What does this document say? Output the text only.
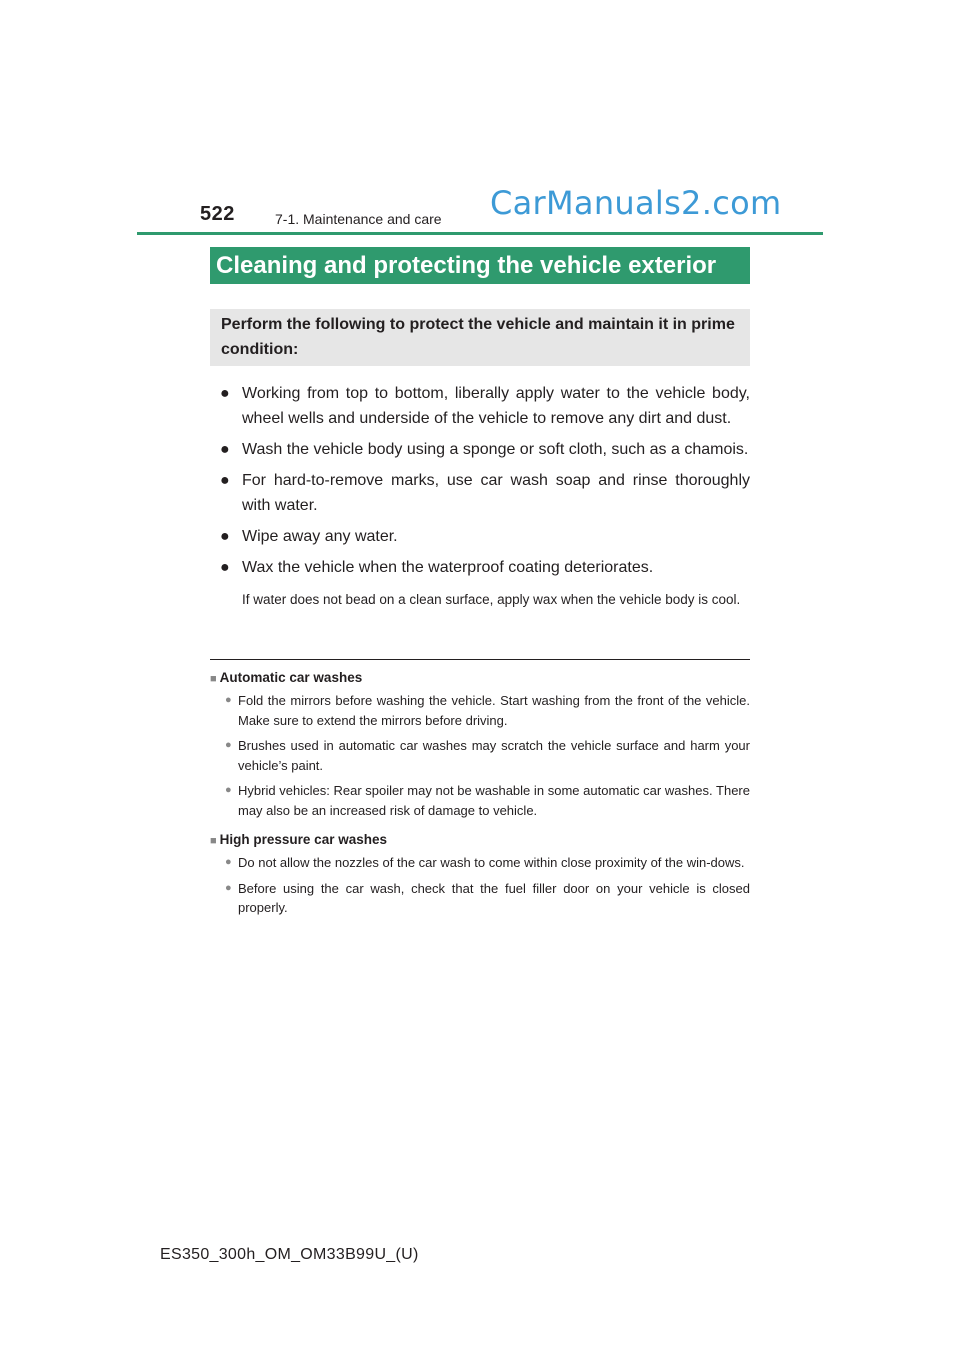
522	7-1. Maintenance and care CarManuals2.com
Cleaning and protecting the vehicle exterior
Perform the following to protect the vehicle and maintain it in prime condition:
● Working from top to bottom, liberally apply water to the vehicle body, wheel wells and underside of the vehicle to remove any dirt and dust.
● Wash the vehicle body using a sponge or soft cloth, such as a chamois.
● For hard-to-remove marks, use car wash soap and rinse thoroughly with water.
● Wipe away any water.
● Wax the vehicle when the waterproof coating deteriorates.
If water does not bead on a clean surface, apply wax when the vehicle body is cool.
■ Automatic car washes
● Fold the mirrors before washing the vehicle. Start washing from the front of the vehicle. Make sure to extend the mirrors before driving.
● Brushes used in automatic car washes may scratch the vehicle surface and harm your vehicle’s paint.
● Hybrid vehicles: Rear spoiler may not be washable in some automatic car washes. There may also be an increased risk of damage to vehicle.
■ High pressure car washes
● Do not allow the nozzles of the car wash to come within close proximity of the win-dows.
● Before using the car wash, check that the fuel filler door on your vehicle is closed properly.
ES350_300h_OM_OM33B99U_(U)
